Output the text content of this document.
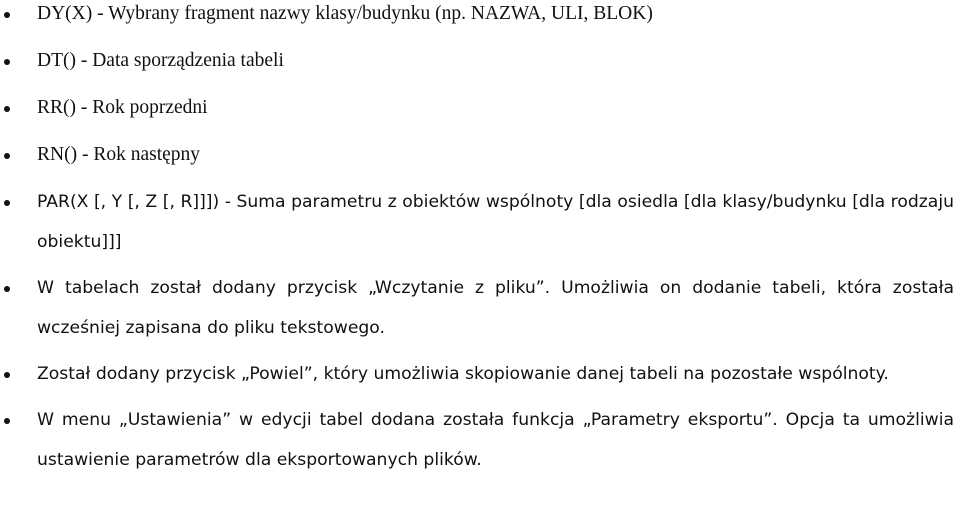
DY(X) - Wybrany fragment nazwy klasy/budynku (np. NAZWA, ULI, BLOK)
DT() - Data sporządzenia tabeli
RR() - Rok poprzedni
RN() - Rok następny
PAR(X [, Y [, Z [, R]]]) - Suma parametru z obiektów wspólnoty [dla osiedla [dla klasy/budynku [dla rodzaju obiektu]]]
W tabelach został dodany przycisk „Wczytanie z pliku”. Umożliwia on dodanie tabeli, która została wcześniej zapisana do pliku tekstowego.
Został dodany przycisk „Powiel”, który umożliwia skopiowanie danej tabeli na pozostałe wspólnoty.
W menu „Ustawienia” w edycji tabel dodana została funkcja „Parametry eksportu”. Opcja ta umożliwia ustawienie parametrów dla eksportowanych plików.
